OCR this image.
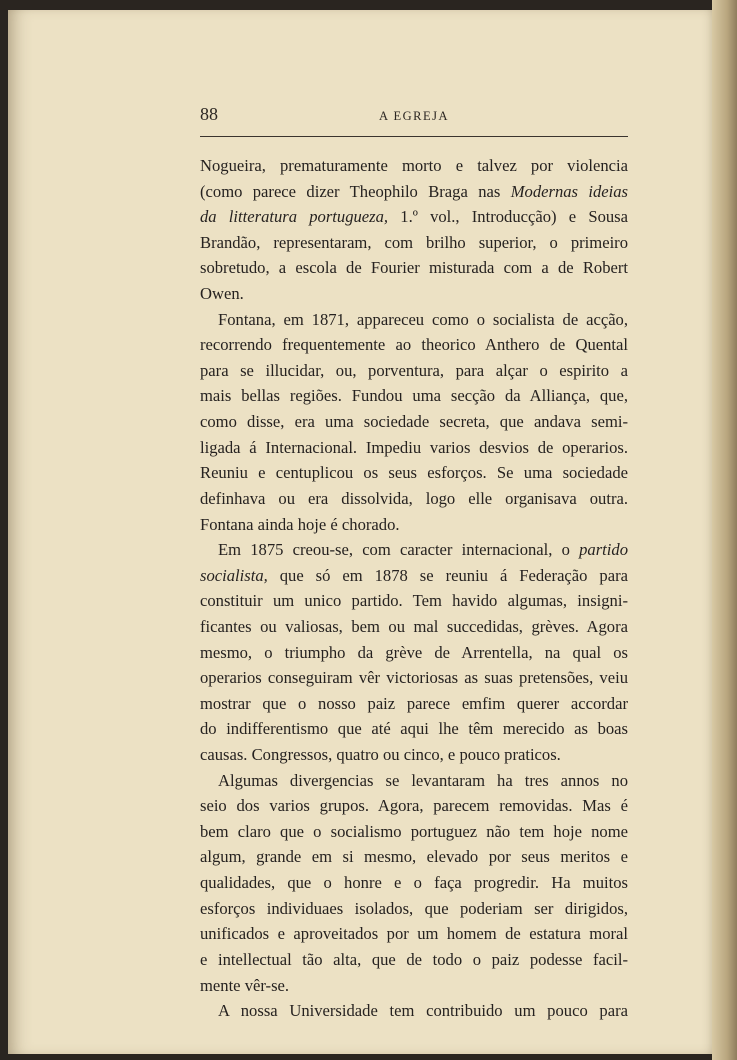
88	A EGREJA
Nogueira, prematuramente morto e talvez por violencia
(como parece dizer Theophilo Braga nas Modernas ideias
da litteratura portugueza, 1.º vol., Introducção) e Sousa
Brandão, representaram, com brilho superior, o primeiro
sobretudo, a escola de Fourier misturada com a de Robert
Owen.
Fontana, em 1871, appareceu como o socialista de acção,
recorrendo frequentemente ao theorico Anthero de Quental
para se illucidar, ou, porventura, para alçar o espirito a
mais bellas regiões. Fundou uma secção da Alliança, que,
como disse, era uma sociedade secreta, que andava semi-
ligada á Internacional. Impediu varios desvios de operarios.
Reuniu e centuplicou os seus esforços. Se uma sociedade
definhava ou era dissolvida, logo elle organisava outra.
Fontana ainda hoje é chorado.
Em 1875 creou-se, com caracter internacional, o partido
socialista, que só em 1878 se reuniu á Federação para
constituir um unico partido. Tem havido algumas, insigni-
ficantes ou valiosas, bem ou mal succedidas, grèves. Agora
mesmo, o triumpho da grève de Arrentella, na qual os
operarios conseguiram vêr victoriosas as suas pretensões, veiu
mostrar que o nosso paiz parece emfim querer accordar
do indifferentismo que até aqui lhe têm merecido as boas
causas. Congressos, quatro ou cinco, e pouco praticos.
Algumas divergencias se levantaram ha tres annos no
seio dos varios grupos. Agora, parecem removidas. Mas é
bem claro que o socialismo portuguez não tem hoje nome
algum, grande em si mesmo, elevado por seus meritos e
qualidades, que o honre e o faça progredir. Ha muitos
esforços individuaes isolados, que poderiam ser dirigidos,
unificados e aproveitados por um homem de estatura moral
e intellectual tão alta, que de todo o paiz podesse facil-
mente vêr-se.
A nossa Universidade tem contribuido um pouco para
